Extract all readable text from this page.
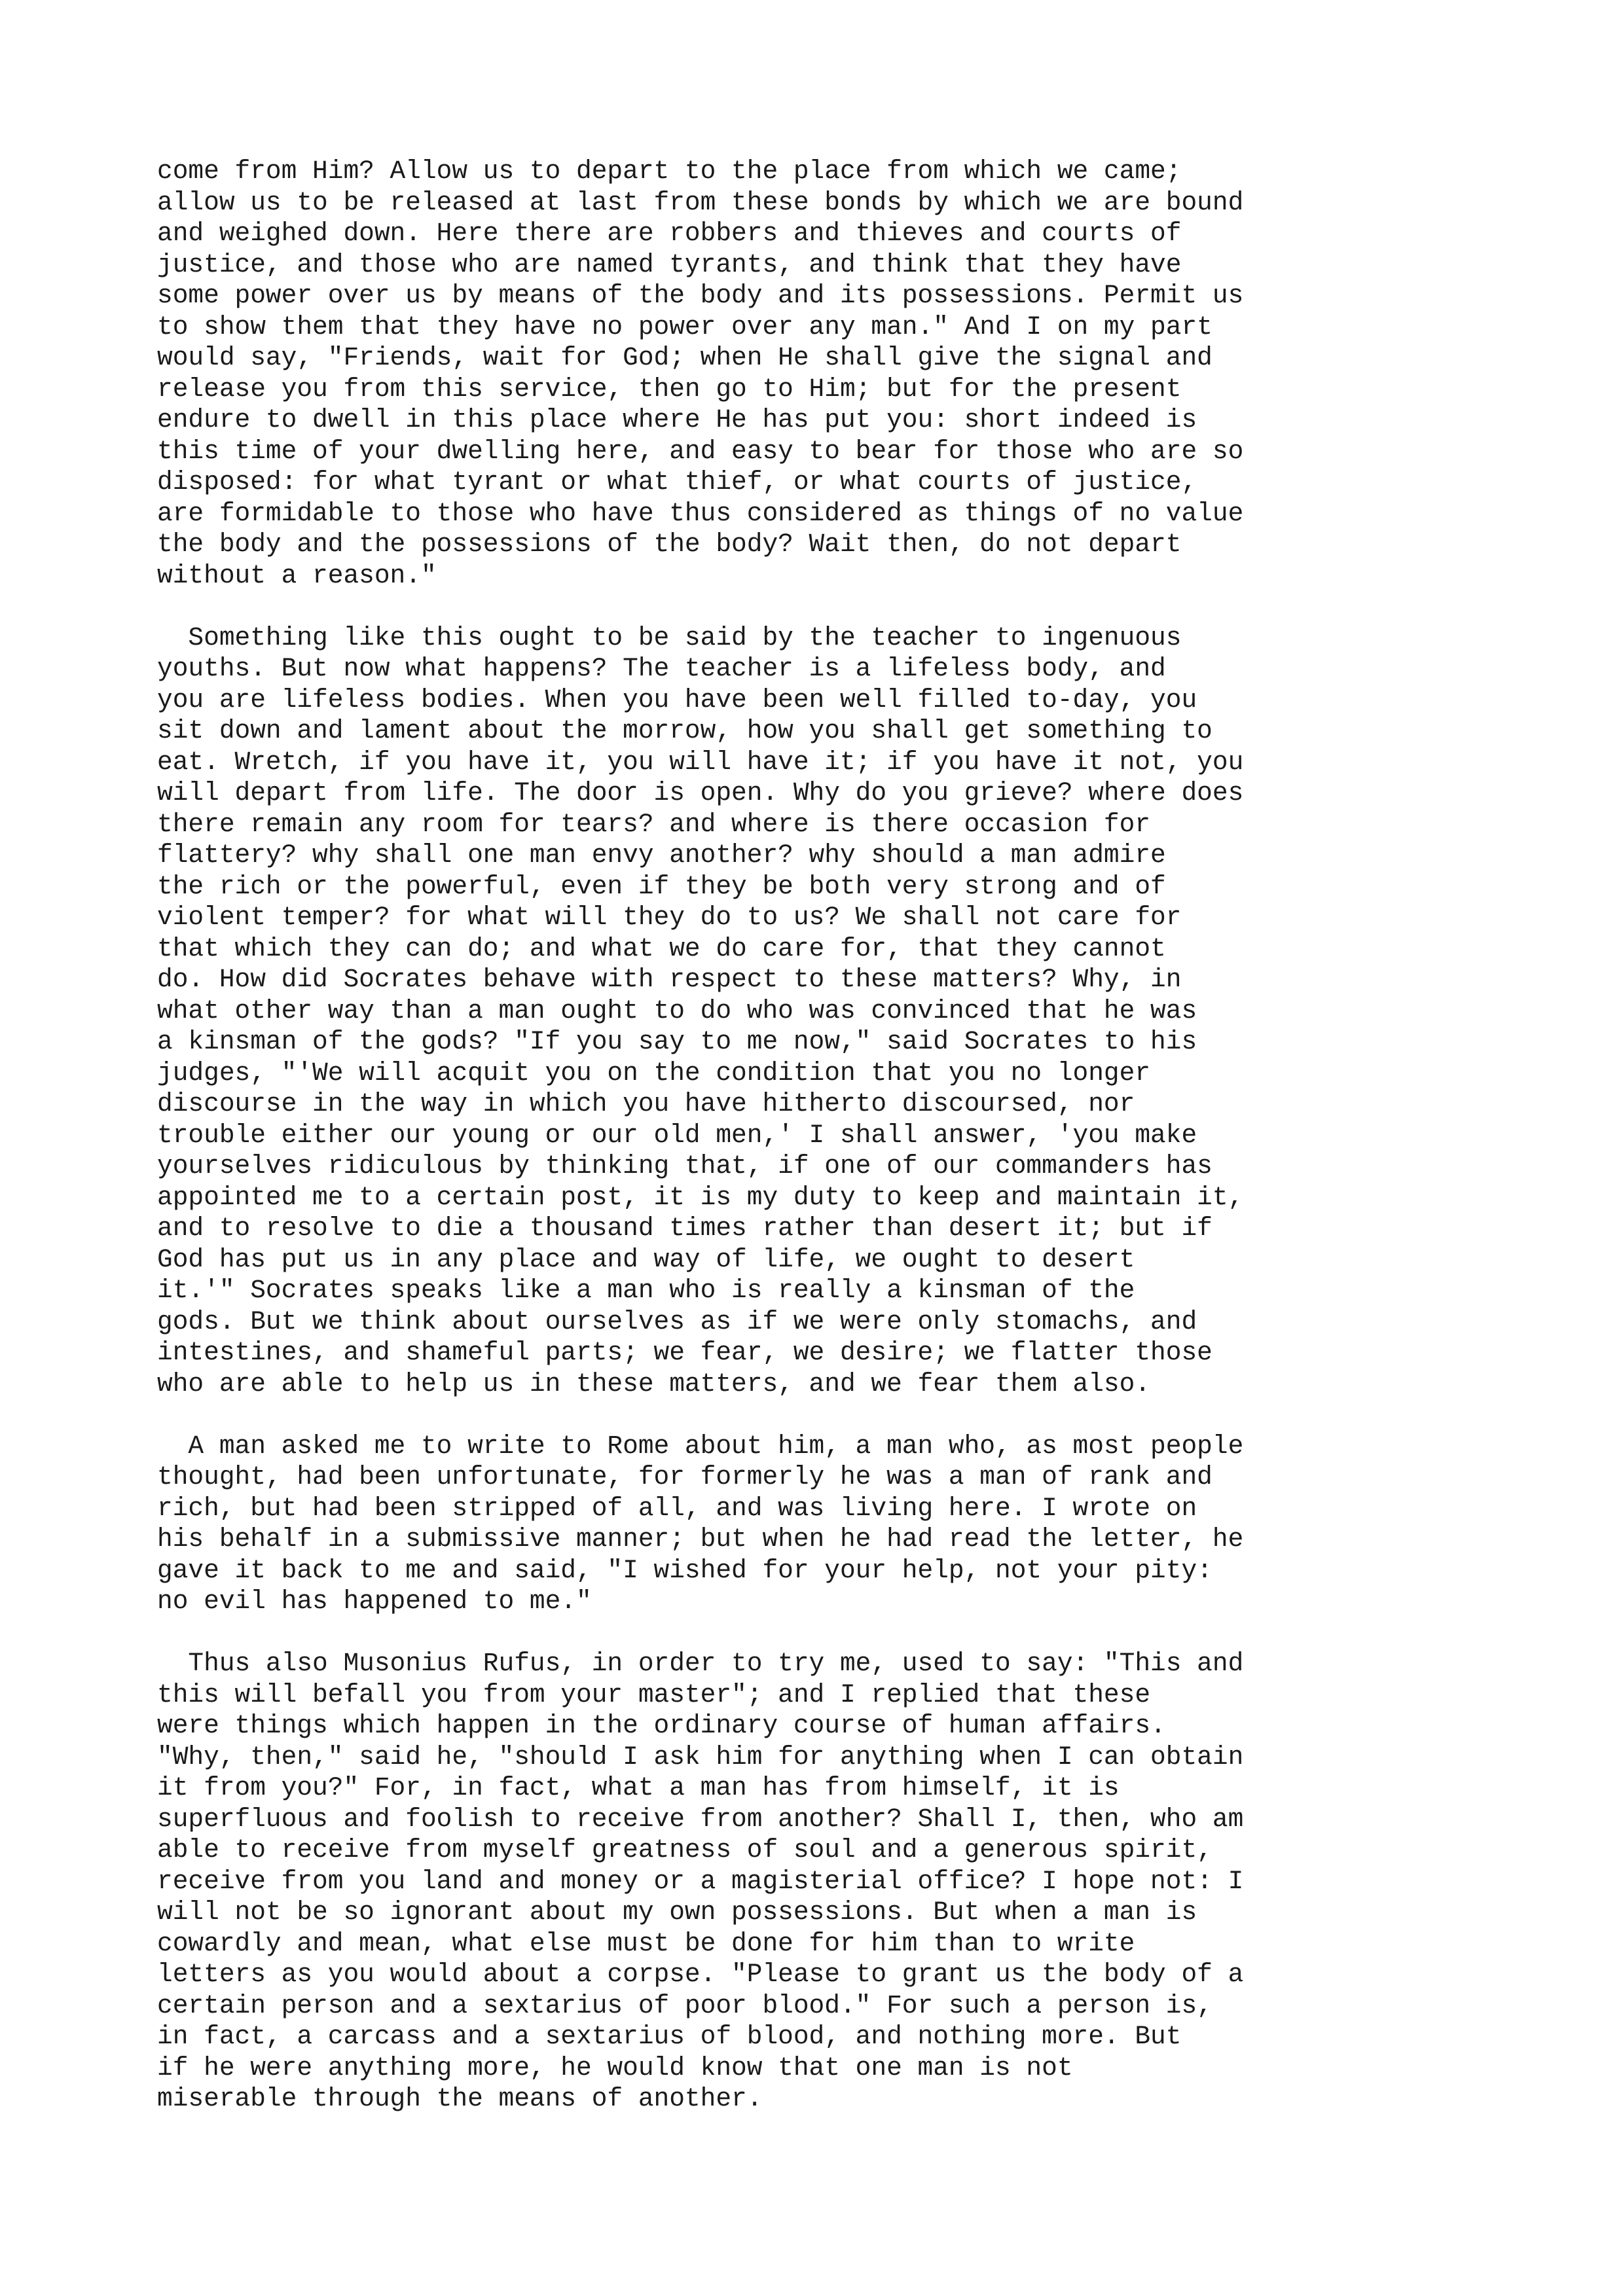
come from Him? Allow us to depart to the place from which we came;
allow us to be released at last from these bonds by which we are bound
and weighed down. Here there are robbers and thieves and courts of
justice, and those who are named tyrants, and think that they have
some power over us by means of the body and its possessions. Permit us
to show them that they have no power over any man." And I on my part
would say, "Friends, wait for God; when He shall give the signal and
release you from this service, then go to Him; but for the present
endure to dwell in this place where He has put you: short indeed is
this time of your dwelling here, and easy to bear for those who are so
disposed: for what tyrant or what thief, or what courts of justice,
are formidable to those who have thus considered as things of no value
the body and the possessions of the body? Wait then, do not depart
without a reason."

Something like this ought to be said by the teacher to ingenuous
youths. But now what happens? The teacher is a lifeless body, and
you are lifeless bodies. When you have been well filled to-day, you
sit down and lament about the morrow, how you shall get something to
eat. Wretch, if you have it, you will have it; if you have it not, you
will depart from life. The door is open. Why do you grieve? where does
there remain any room for tears? and where is there occasion for
flattery? why shall one man envy another? why should a man admire
the rich or the powerful, even if they be both very strong and of
violent temper? for what will they do to us? We shall not care for
that which they can do; and what we do care for, that they cannot
do. How did Socrates behave with respect to these matters? Why, in
what other way than a man ought to do who was convinced that he was
a kinsman of the gods? "If you say to me now," said Socrates to his
judges, "'We will acquit you on the condition that you no longer
discourse in the way in which you have hitherto discoursed, nor
trouble either our young or our old men,' I shall answer, 'you make
yourselves ridiculous by thinking that, if one of our commanders has
appointed me to a certain post, it is my duty to keep and maintain it,
and to resolve to die a thousand times rather than desert it; but if
God has put us in any place and way of life, we ought to desert
it.'" Socrates speaks like a man who is really a kinsman of the
gods. But we think about ourselves as if we were only stomachs, and
intestines, and shameful parts; we fear, we desire; we flatter those
who are able to help us in these matters, and we fear them also.

A man asked me to write to Rome about him, a man who, as most people
thought, had been unfortunate, for formerly he was a man of rank and
rich, but had been stripped of all, and was living here. I wrote on
his behalf in a submissive manner; but when he had read the letter, he
gave it back to me and said, "I wished for your help, not your pity:
no evil has happened to me."

Thus also Musonius Rufus, in order to try me, used to say: "This and
this will befall you from your master"; and I replied that these
were things which happen in the ordinary course of human affairs.
"Why, then," said he, "should I ask him for anything when I can obtain
it from you?" For, in fact, what a man has from himself, it is
superfluous and foolish to receive from another? Shall I, then, who am
able to receive from myself greatness of soul and a generous spirit,
receive from you land and money or a magisterial office? I hope not: I
will not be so ignorant about my own possessions. But when a man is
cowardly and mean, what else must be done for him than to write
letters as you would about a corpse. "Please to grant us the body of a
certain person and a sextarius of poor blood." For such a person is,
in fact, a carcass and a sextarius of blood, and nothing more. But
if he were anything more, he would know that one man is not
miserable through the means of another.
